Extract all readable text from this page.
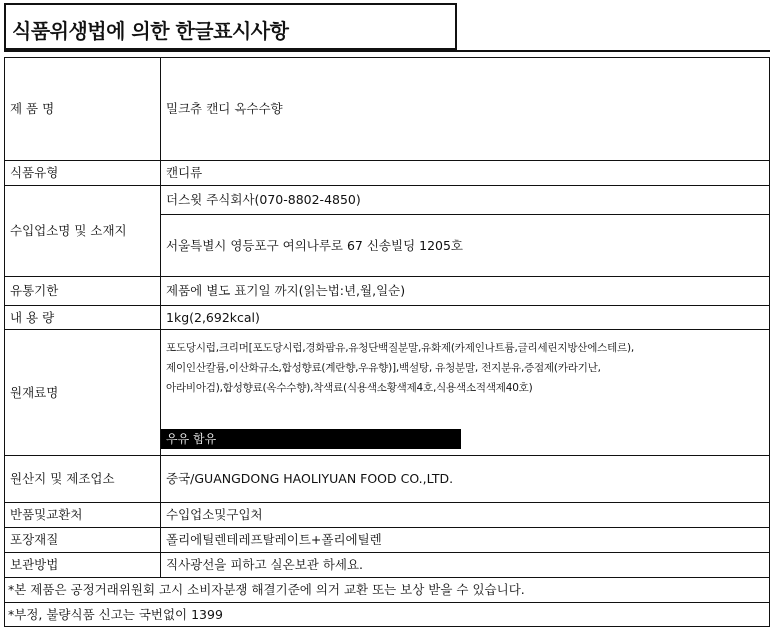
식품위생법에 의한 한글표시사항
제 품 명	밀크츄 캔디 옥수수향
식품유형	캔디류
수입업소명 및 소재지	더스윗 주식회사(070-8802-4850)
	서울특별시 영등포구 여의나루로 67 신송빌딩 1205호
유통기한	제품에 별도 표기일 까지(읽는법:년,월,일순)
내 용 량	1kg(2,692kcal)
원재료명	포도당시럽,크리머[포도당시럽,경화팜유,유청단백질분말,유화제(카제인나트륨,글리세린지방산에스테르),
제이인산칼륨,이산화규소,합성향료(계란향,우유향)],백설탕, 유청분말, 전지분유,증점제(카라기난,
아라비아검),합성향료(옥수수향),착색료(식용색소황색제4호,식용색소적색제40호)
우유 함유

원산지 및 제조업소	중국/GUANGDONG HAOLIYUAN FOOD CO.,LTD.
반품및교환처	수입업소및구입처
포장재질	폴리에틸렌테레프탈레이트+폴리에틸렌
보관방법	직사광선을 피하고 실온보관 하세요.
*본 제품은 공정거래위원회 고시 소비자분쟁 해결기준에 의거 교환 또는 보상 받을 수 있습니다.	
*부정, 불량식품 신고는 국번없이 1399	
